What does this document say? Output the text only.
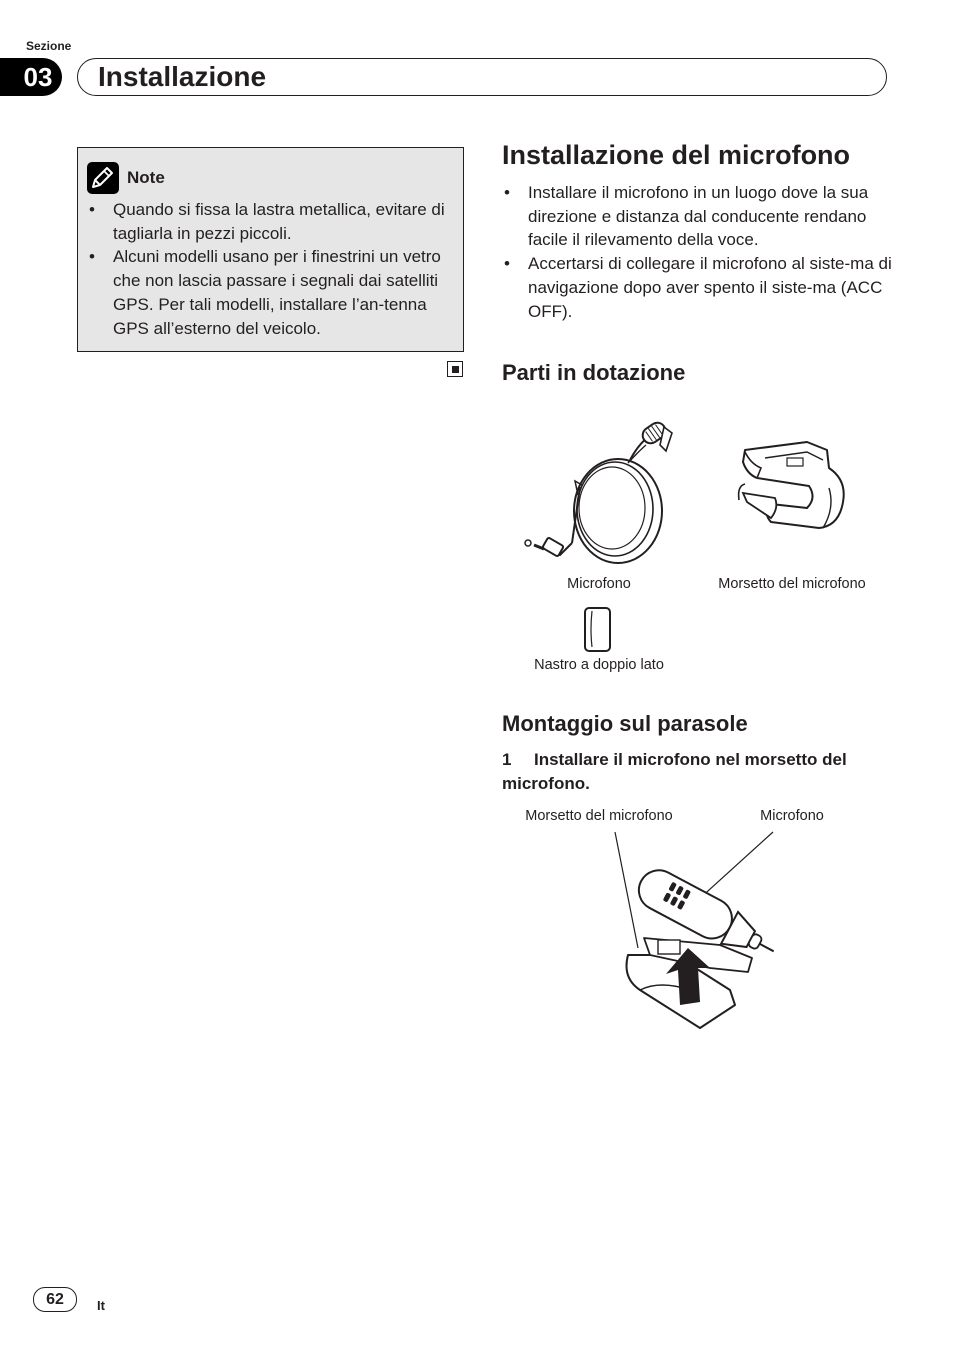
Sezione
03	Installazione
Note
• Quando si fissa la lastra metallica, evitare di tagliarla in pezzi piccoli.
• Alcuni modelli usano per i finestrini un vetro che non lascia passare i segnali dai satelliti GPS. Per tali modelli, installare l’an-tenna GPS all’esterno del veicolo.
Installazione del microfono
• Installare il microfono in un luogo dove la sua direzione e distanza dal conducente rendano facile il rilevamento della voce.
• Accertarsi di collegare il microfono al siste-ma di navigazione dopo aver spento il siste-ma (ACC OFF).
Parti in dotazione
Microfono	Morsetto del microfono
Nastro a doppio lato
Montaggio sul parasole
1 Installare il microfono nel morsetto del microfono.
Morsetto del microfono	Microfono
62	It
